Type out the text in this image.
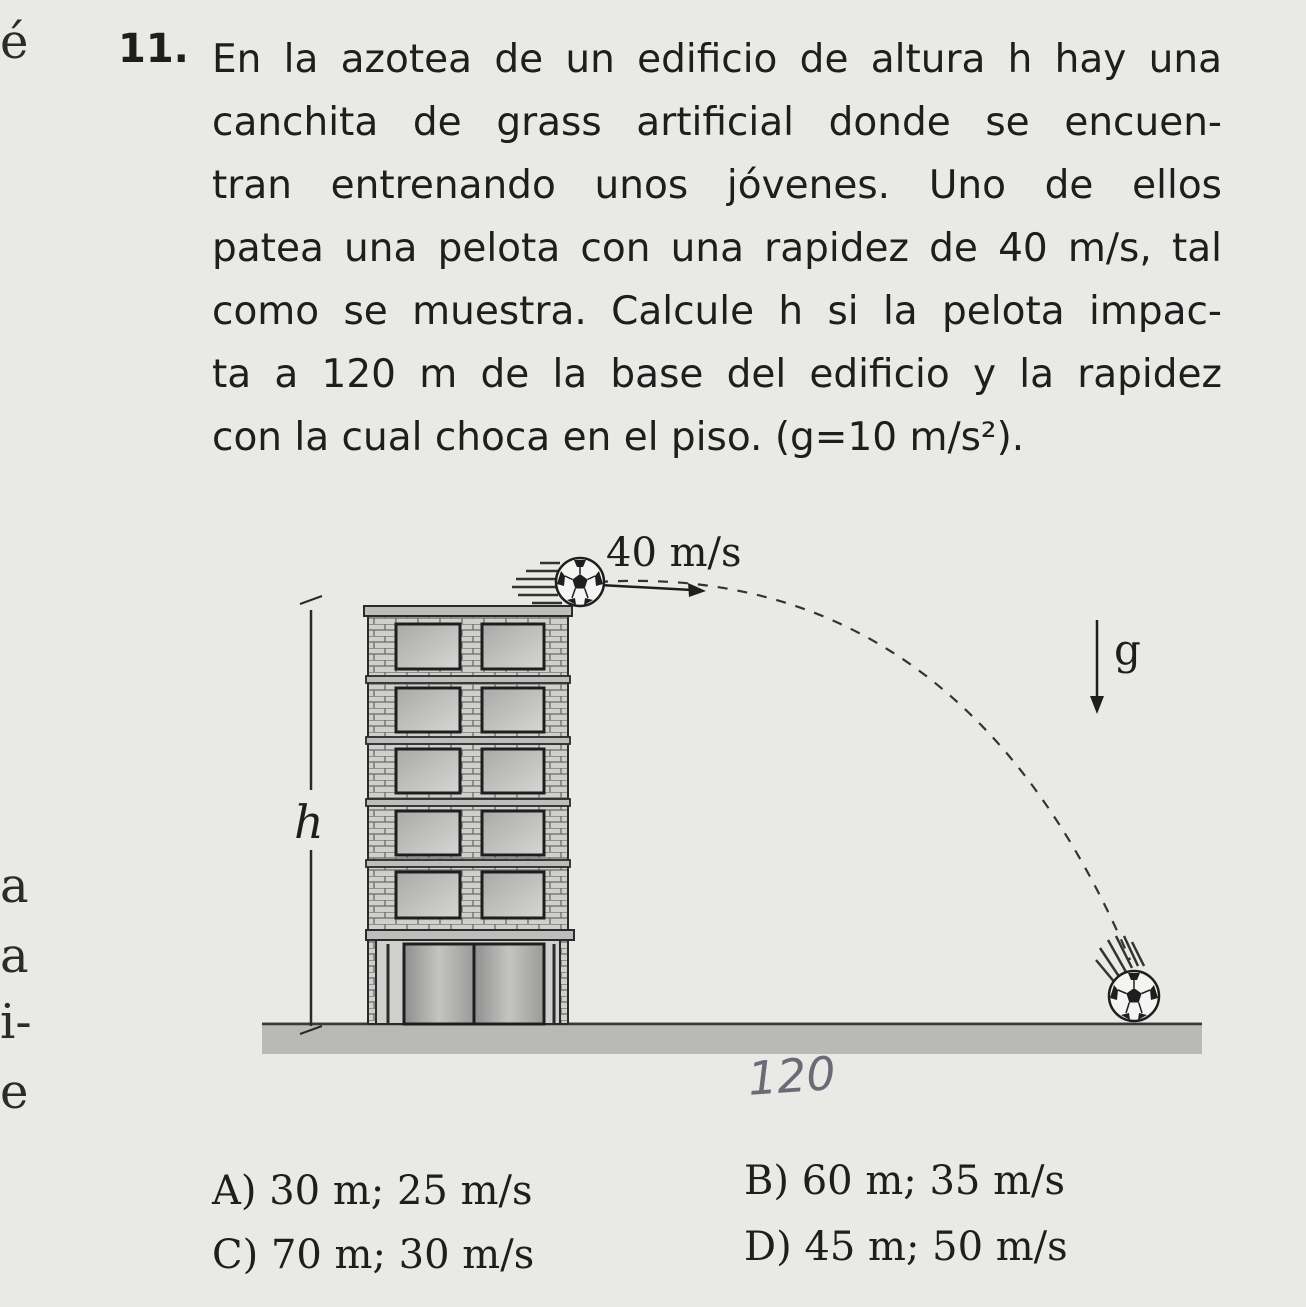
é
a
a
i-
e
11. En la azotea de un edificio de altura h hay una
canchita de grass artificial donde se encuen-
tran entrenando unos jóvenes. Uno de ellos
patea una pelota con una rapidez de 40 m/s, tal
como se muestra. Calcule h si la pelota impac-
ta a 120 m de la base del edificio y la rapidez
con la cual choca en el piso. (g=10 m/s²).
h
40 m/s
g
120
A) 30 m; 25 m/s	B) 60 m; 35 m/s
C) 70 m; 30 m/s	D) 45 m; 50 m/s
